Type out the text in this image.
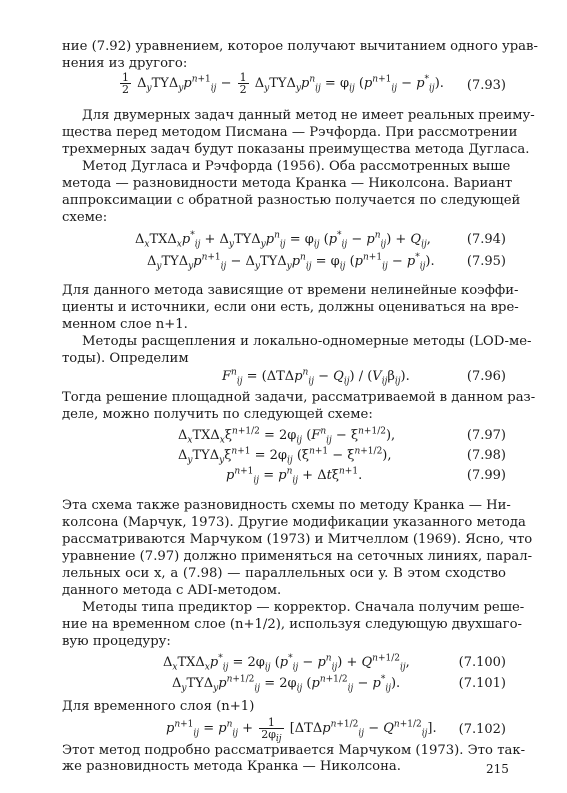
ние (7.92) уравнением, которое получают вычитанием одного урав-
нения из другого:
$\frac{1}{2} \Delta_yTY\Delta_yp^{n+1}_{ij} - \frac{1}{2} \Delta_yTY\Delta_yp^n_{ij} = \varphi_{ij}$ $(p^{n+1}_{ij} - p^*_{ij})$.	(7.93)
Для двумерных задач данный метод не имеет реальных преиму-
щества перед методом Писмана — Рэчфорда. При рассмотрении
трехмерных задач будут показаны преимущества метода Дугласа.
Метод Дугласа и Рэчфорда (1956). Оба рассмотренных выше
метода — разновидности метода Кранка — Николсона. Вариант
аппроксимации с обратной разностью получается по следующей
схеме:
$\Delta_xTX\Delta_xp^*_{ij} + \Delta_yTY\Delta_yp^n_{ij} = \varphi_{ij}$ $(p^*_{ij} - p^n_{ij}) + Q_{ij}$,	(7.94)
$\Delta_yTY\Delta_yp^{n+1}_{ij} - \Delta_yTY\Delta_yp^n_{ij} = \varphi_{ij}$ $(p^{n+1}_{ij} - p^*_{ij})$.	(7.95)
Для данного метода зависящие от времени нелинейные коэффи-
циенты и источники, если они есть, должны оцениваться на вре-
менном слое n+1.
Методы расщепления и локально-одномерные методы (LOD-ме-
тоды). Определим
$F^n_{ij} = (\Delta T\Delta p^n_{ij} - Q_{ij}) / (V_{ij}\beta_{ij})$.	(7.96)
Тогда решение площадной задачи, рассматриваемой в данном раз-
деле, можно получить по следующей схеме:
$\Delta_xTX\Delta_x\xi^{n+1/2} = 2\varphi_{ij}$ $(F^n_{ij} - \xi^{n+1/2})$,	(7.97)
$\Delta_yTY\Delta_y\xi^{n+1} = 2\varphi_{ij}$ $(\xi^{n+1} - \xi^{n+1/2})$,	(7.98)
$p^{n+1}_{ij} = p^n_{ij} + \Delta t\xi^{n+1}$.	(7.99)
Эта схема также разновидность схемы по методу Кранка — Ни-
колсона (Марчук, 1973). Другие модификации указанного метода
рассматриваются Марчуком (1973) и Митчеллом (1969). Ясно, что
уравнение (7.97) должно применяться на сеточных линиях, парал-
лельных оси x, а (7.98) — параллельных оси y. В этом сходство
данного метода с ADI-методом.
Методы типа предиктор — корректор. Сначала получим реше-
ние на временном слое (n+1/2), используя следующую двухшаго-
вую процедуру:
$\Delta_xTX\Delta_xp^*_{ij} = 2\varphi_{ij}$ $(p^*_{ij} - p^n_{ij}) + Q^{n+1/2}_{ij}$,	(7.100)
$\Delta_yTY\Delta_yp^{n+1/2}_{ij} = 2\varphi_{ij}$ $(p^{n+1/2}_{ij} - p^*_{ij})$.	(7.101)
Для временного слоя (n+1)
Этот метод подробно рассматривается Марчуком (1973). Это так-
же разновидность метода Кранка — Николсона.	215
$p^{n+1}_{ij} = p^n_{ij} + \frac{1}{2\varphi_{ij}} [\Delta T\Delta p^{n+1/2}_{ij} - Q^{n+1/2}_{ij}]$.	(7.102)
